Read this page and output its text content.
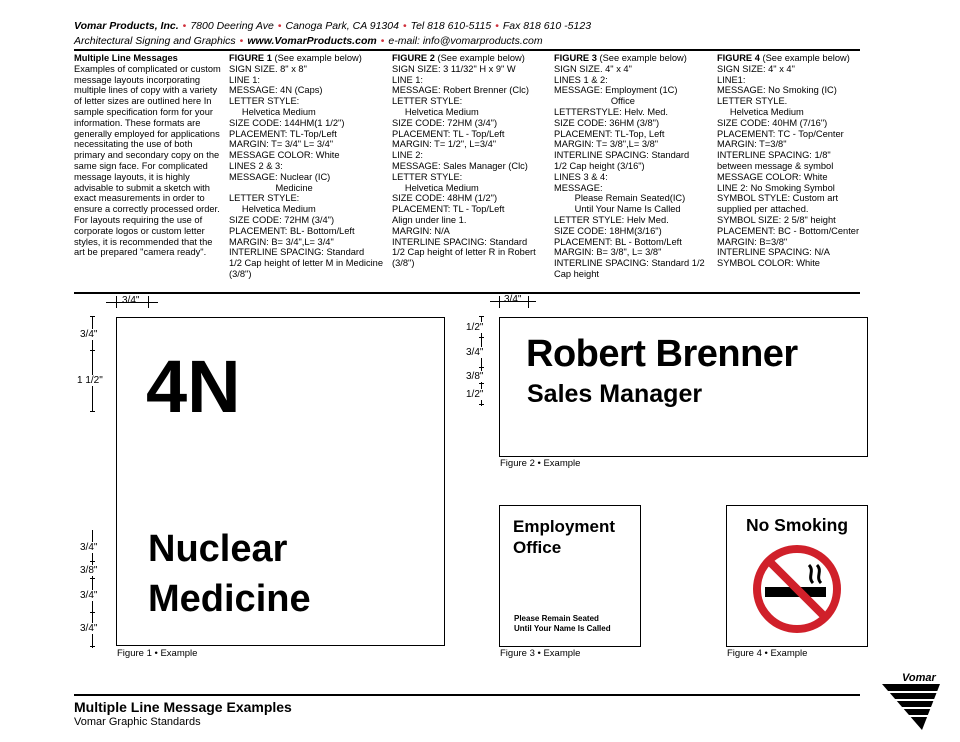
Vomar Products, Inc. • 7800 Deering Ave • Canoga Park, CA 91304 • Tel 818 610-5115 • Fax 818 610 -5123
Architectural Signing and Graphics • www.VomarProducts.com • e-mail: info@vomarproducts.com
Multiple Line Messages
Examples of complicated or custom message layouts incorporating multiple lines of copy with a variety of letter sizes are outlined here In sample specification form for your information. These formats are generally employed for applications necessitating the use of both primary and secondary copy on the same sign face. For complicated message layouts, it is highly advisable to submit a sketch with exact measurements in order to ensure a correctly processed order. For layouts requiring the use of corporate logos or custom letter styles, it is recommended that the art be prepared "camera ready".
FIGURE 1 (See example below)
SIGN SIZE. 8" x 8"
LINE 1:
MESSAGE: 4N (Caps)
LETTER STYLE:
Helvetica Medium
SIZE CODE: 144HM(1 1/2")
PLACEMENT: TL-Top/Left
MARGIN: T= 3/4" L= 3/4"
MESSAGE COLOR: White
LINES 2 & 3:
MESSAGE: Nuclear (IC)
Medicine
LETTER STYLE:
Helvetica Medium
SIZE CODE: 72HM (3/4")
PLACEMENT: BL- Bottom/Left
MARGIN: B= 3/4",L= 3/4"
INTERLINE SPACING: Standard
1/2 Cap height of letter M in Medicine
(3/8")
FIGURE 2 (See example below)
SIGN SIZE: 3 11/32" H x 9" W
LINE 1:
MESSAGE: Robert Brenner (Clc)
LETTER STYLE:
Helvetica Medium
SIZE CODE: 72HM (3/4")
PLACEMENT: TL - Top/Left
MARGIN: T= 1/2", L=3/4"
LINE 2:
MESSAGE: Sales Manager (Clc)
LETTER STYLE:
Helvetica Medium
SIZE CODE: 48HM (1/2")
PLACEMENT: TL - Top/Left
Align under line 1.
MARGIN: N/A
INTERLINE SPACING: Standard
1/2 Cap height of letter R in Robert
(3/8")
FIGURE 3 (See example below)
SIGN SIZE. 4" x 4"
LINES 1 & 2:
MESSAGE: Employment (1C)
Office
LETTERSTYLE: Helv. Med.
SIZE CODE: 36HM (3/8")
PLACEMENT: TL-Top, Left
MARGIN: T= 3/8",L= 3/8"
INTERLINE SPACING: Standard
1/2 Cap height (3/16")
LINES 3 & 4:
MESSAGE:
Please Remain Seated(IC)
Until Your Name Is Called
LETTER STYLE: Helv Med.
SIZE CODE: 18HM(3/16")
PLACEMENT: BL - Bottom/Left
MARGIN: B= 3/8", L= 3/8"
INTERLINE SPACING: Standard 1/2
Cap height
FIGURE 4 (See example below)
SIGN SIZE: 4" x 4"
LINE1:
MESSAGE: No Smoking (IC)
LETTER STYLE.
Helvetica Medium
SIZE CODE: 40HM (7/16")
PLACEMENT: TC - Top/Center
MARGIN: T=3/8"
INTERLINE SPACING: 1/8"
between message & symbol
MESSAGE COLOR: White
LINE 2: No Smoking Symbol
SYMBOL STYLE: Custom art
supplied per attached.
SYMBOL SIZE: 2 5/8" height
PLACEMENT: BC - Bottom/Center
MARGIN: B=3/8"
INTERLINE SPACING: N/A
SYMBOL COLOR: White
4N
Nuclear
Medicine
Figure 1 • Example
3/4"
3/4"
1 1/2"
3/4"
3/8"
3/4"
3/4"
Robert Brenner
Sales Manager
Figure 2 • Example
3/4"
1/2"
3/4"
3/8"
1/2"
Employment
Office
Please Remain Seated
Until Your Name Is Called
Figure 3 • Example
No Smoking
Figure 4 • Example
Multiple Line Message Examples
Vomar Graphic Standards
Vomar
